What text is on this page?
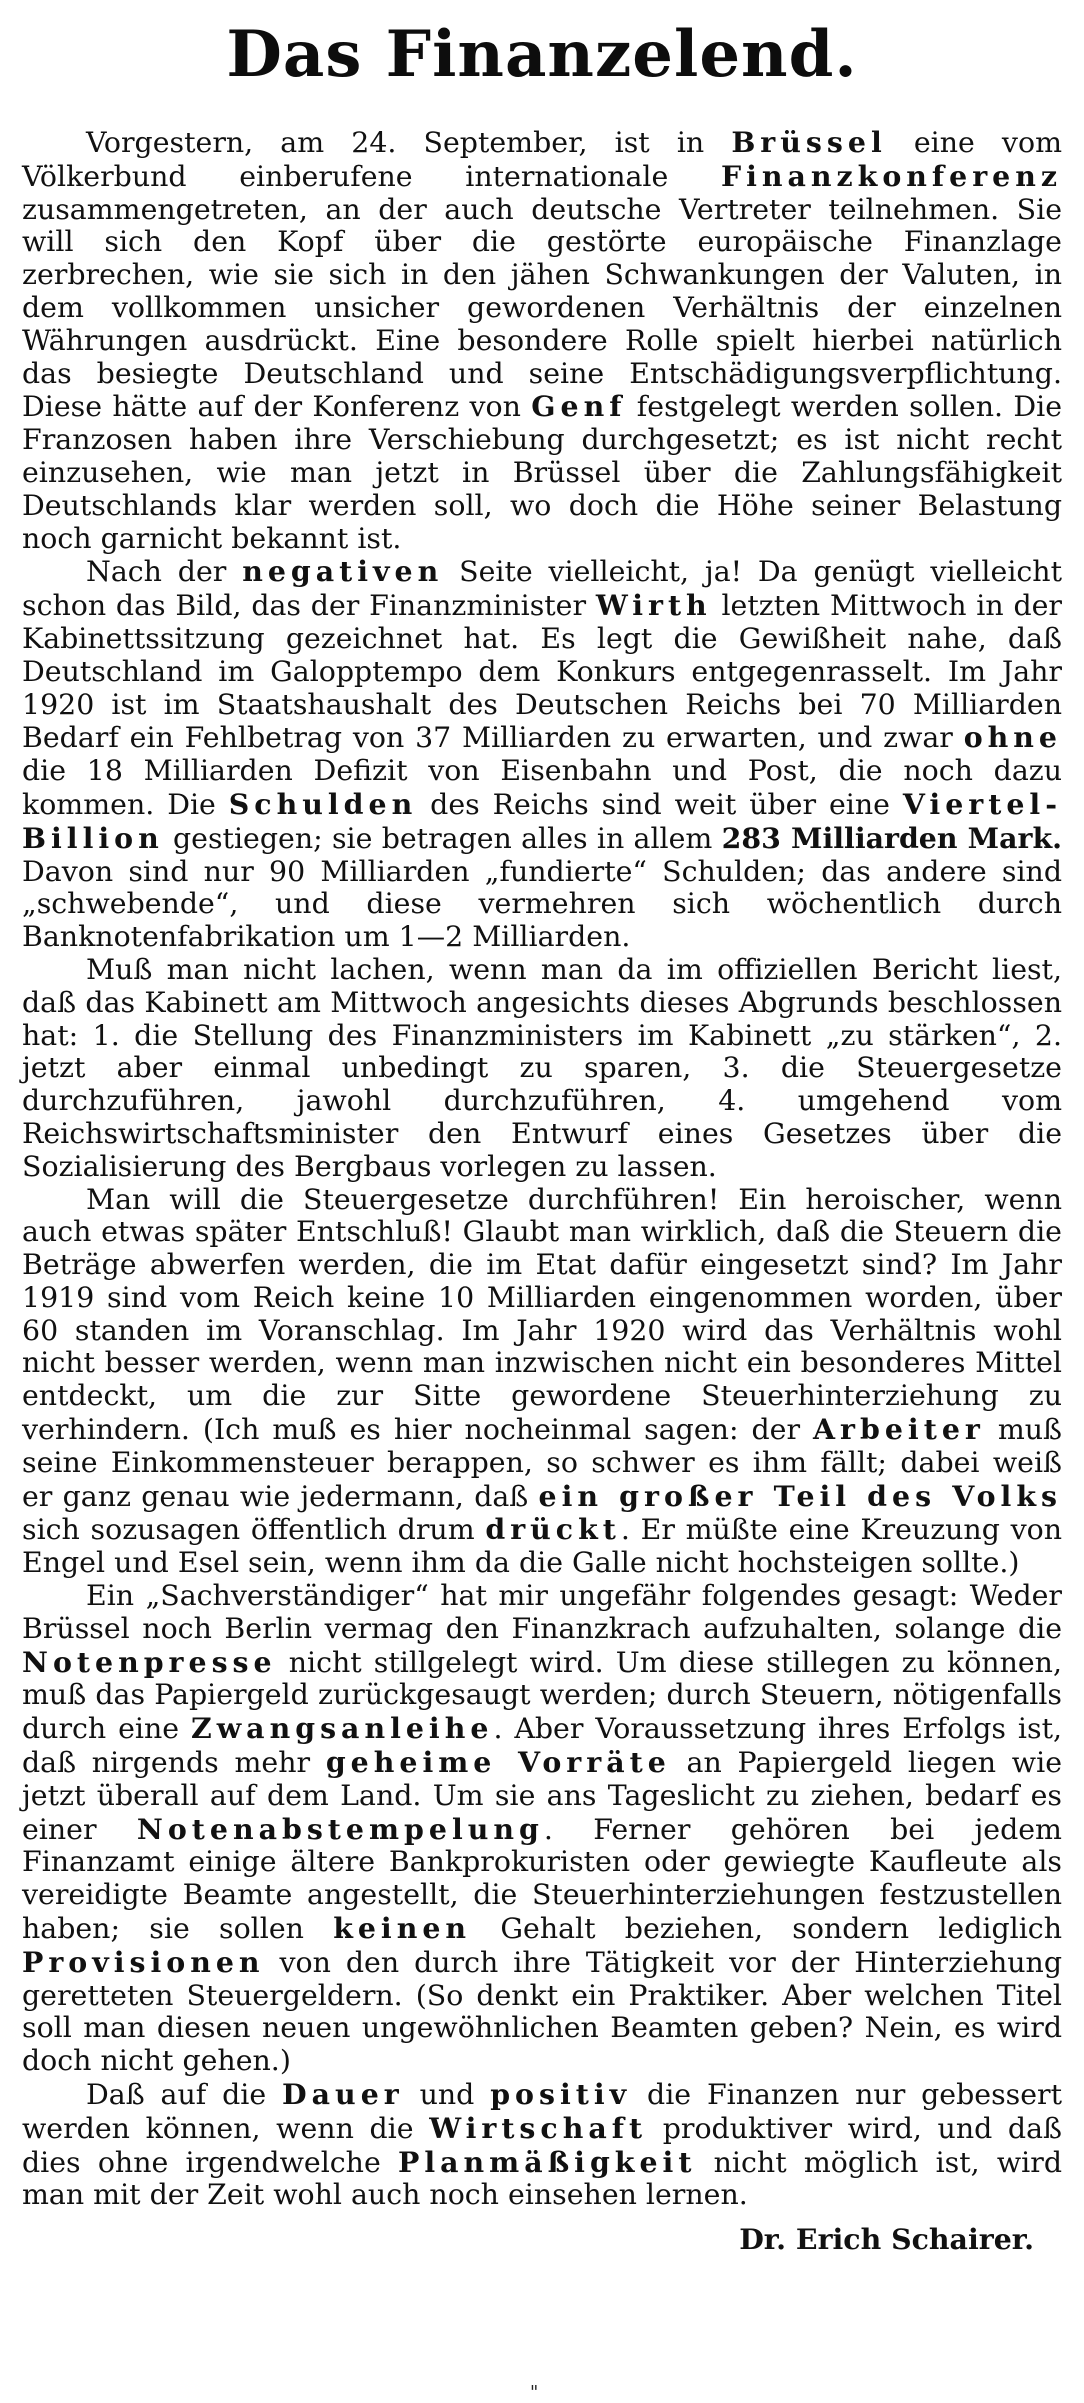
Das Finanzelend.

Vorgestern, am 24. September, ist in Brüssel eine vom Völkerbund einberufene internationale Finanzkonferenz zusammengetreten, an der auch deutsche Vertreter teilnehmen. Sie will sich den Kopf über die gestörte europäische Finanzlage zerbrechen, wie sie sich in den jähen Schwankungen der Valuten, in dem vollkommen unsicher gewordenen Verhältnis der einzelnen Währungen ausdrückt. Eine besondere Rolle spielt hierbei natürlich das besiegte Deutschland und seine Entschädigungsverpflichtung. Diese hätte auf der Konferenz von Genf festgelegt werden sollen. Die Franzosen haben ihre Verschiebung durchgesetzt; es ist nicht recht einzusehen, wie man jetzt in Brüssel über die Zahlungsfähigkeit Deutschlands klar werden soll, wo doch die Höhe seiner Belastung noch garnicht bekannt ist.

Nach der negativen Seite vielleicht, ja! Da genügt vielleicht schon das Bild, das der Finanzminister Wirth letzten Mittwoch in der Kabinettssitzung gezeichnet hat. Es legt die Gewißheit nahe, daß Deutschland im Galopptempo dem Konkurs entgegenrasselt. Im Jahr 1920 ist im Staatshaushalt des Deutschen Reichs bei 70 Milliarden Bedarf ein Fehlbetrag von 37 Milliarden zu erwarten, und zwar ohne die 18 Milliarden Defizit von Eisenbahn und Post, die noch dazu kommen. Die Schulden des Reichs sind weit über eine Viertel-Billion gestiegen; sie betragen alles in allem 283 Milliarden Mark. Davon sind nur 90 Milliarden „fundierte“ Schulden; das andere sind „schwebende“, und diese vermehren sich wöchentlich durch Banknotenfabrikation um 1—2 Milliarden.

Muß man nicht lachen, wenn man da im offiziellen Bericht liest, daß das Kabinett am Mittwoch angesichts dieses Abgrunds beschlossen hat: 1. die Stellung des Finanzministers im Kabinett „zu stärken“, 2. jetzt aber einmal unbedingt zu sparen, 3. die Steuergesetze durchzuführen, jawohl durchzuführen, 4. umgehend vom Reichswirtschaftsminister den Entwurf eines Gesetzes über die Sozialisierung des Bergbaus vorlegen zu lassen.

Man will die Steuergesetze durchführen! Ein heroischer, wenn auch etwas später Entschluß! Glaubt man wirklich, daß die Steuern die Beträge abwerfen werden, die im Etat dafür eingesetzt sind? Im Jahr 1919 sind vom Reich keine 10 Milliarden eingenommen worden, über 60 standen im Voranschlag. Im Jahr 1920 wird das Verhältnis wohl nicht besser werden, wenn man inzwischen nicht ein besonderes Mittel entdeckt, um die zur Sitte gewordene Steuerhinterziehung zu verhindern. (Ich muß es hier nocheinmal sagen: der Arbeiter muß seine Einkommensteuer berappen, so schwer es ihm fällt; dabei weiß er ganz genau wie jedermann, daß ein großer Teil des Volks sich sozusagen öffentlich drum drückt. Er müßte eine Kreuzung von Engel und Esel sein, wenn ihm da die Galle nicht hochsteigen sollte.)

Ein „Sachverständiger“ hat mir ungefähr folgendes gesagt: Weder Brüssel noch Berlin vermag den Finanzkrach aufzuhalten, solange die Notenpresse nicht stillgelegt wird. Um diese stillegen zu können, muß das Papiergeld zurückgesaugt werden; durch Steuern, nötigenfalls durch eine Zwangsanleihe. Aber Voraussetzung ihres Erfolgs ist, daß nirgends mehr geheime Vorräte an Papiergeld liegen wie jetzt überall auf dem Land. Um sie ans Tageslicht zu ziehen, bedarf es einer Notenabstempelung. Ferner gehören bei jedem Finanzamt einige ältere Bankprokuristen oder gewiegte Kaufleute als vereidigte Beamte angestellt, die Steuerhinterziehungen festzustellen haben; sie sollen keinen Gehalt beziehen, sondern lediglich Provisionen von den durch ihre Tätigkeit vor der Hinterziehung geretteten Steuergeldern. (So denkt ein Praktiker. Aber welchen Titel soll man diesen neuen ungewöhnlichen Beamten geben? Nein, es wird doch nicht gehen.)

Daß auf die Dauer und positiv die Finanzen nur gebessert werden können, wenn die Wirtschaft produktiver wird, und daß dies ohne irgendwelche Planmäßigkeit nicht möglich ist, wird man mit der Zeit wohl auch noch einsehen lernen.

Dr. Erich Schairer.
"
